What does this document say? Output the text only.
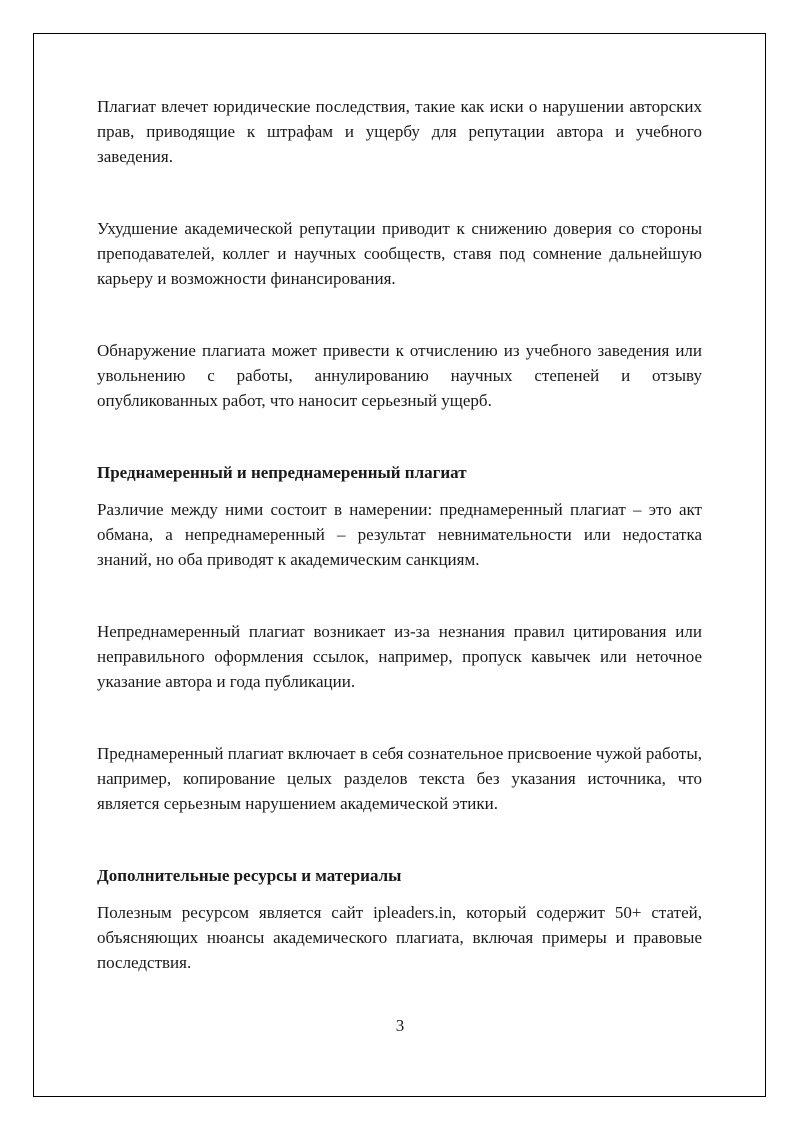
Плагиат влечет юридические последствия, такие как иски о нарушении авторских прав, приводящие к штрафам и ущербу для репутации автора и учебного заведения.

Ухудшение академической репутации приводит к снижению доверия со стороны преподавателей, коллег и научных сообществ, ставя под сомнение дальнейшую карьеру и возможности финансирования.

Обнаружение плагиата может привести к отчислению из учебного заведения или увольнению с работы, аннулированию научных степеней и отзыву опубликованных работ, что наносит серьезный ущерб.

Преднамеренный и непреднамеренный плагиат

Различие между ними состоит в намерении: преднамеренный плагиат – это акт обмана, а непреднамеренный – результат невнимательности или недостатка знаний, но оба приводят к академическим санкциям.

Непреднамеренный плагиат возникает из-за незнания правил цитирования или неправильного оформления ссылок, например, пропуск кавычек или неточное указание автора и года публикации.

Преднамеренный плагиат включает в себя сознательное присвоение чужой работы, например, копирование целых разделов текста без указания источника, что является серьезным нарушением академической этики.

Дополнительные ресурсы и материалы

Полезным ресурсом является сайт ipleaders.in, который содержит 50+ статей, объясняющих нюансы академического плагиата, включая примеры и правовые последствия.

3
